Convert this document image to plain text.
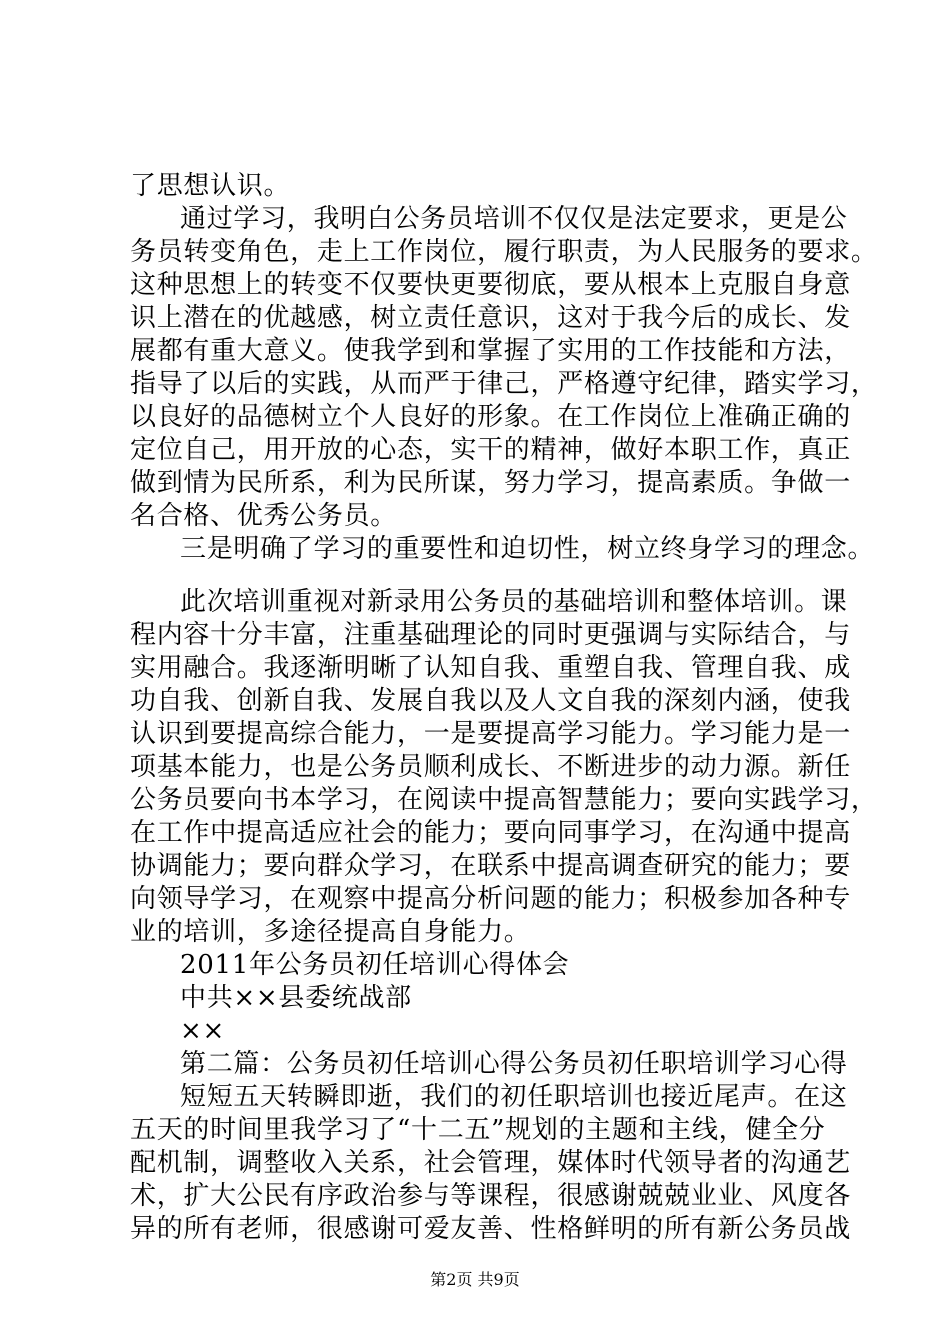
了思想认识。
通过学习，我明白公务员培训不仅仅是法定要求，更是公
务员转变角色，走上工作岗位，履行职责，为人民服务的要求。
这种思想上的转变不仅要快更要彻底，要从根本上克服自身意
识上潜在的优越感，树立责任意识，这对于我今后的成长、发
展都有重大意义。使我学到和掌握了实用的工作技能和方法，
指导了以后的实践，从而严于律己，严格遵守纪律，踏实学习，
以良好的品德树立个人良好的形象。在工作岗位上准确正确的
定位自己，用开放的心态，实干的精神，做好本职工作，真正
做到情为民所系，利为民所谋，努力学习，提高素质。争做一
名合格、优秀公务员。
三是明确了学习的重要性和迫切性，树立终身学习的理念。
此次培训重视对新录用公务员的基础培训和整体培训。课
程内容十分丰富，注重基础理论的同时更强调与实际结合，与
实用融合。我逐渐明晰了认知自我、重塑自我、管理自我、成
功自我、创新自我、发展自我以及人文自我的深刻内涵，使我
认识到要提高综合能力，一是要提高学习能力。学习能力是一
项基本能力，也是公务员顺利成长、不断进步的动力源。新任
公务员要向书本学习，在阅读中提高智慧能力；要向实践学习，
在工作中提高适应社会的能力；要向同事学习，在沟通中提高
协调能力；要向群众学习，在联系中提高调查研究的能力；要
向领导学习，在观察中提高分析问题的能力；积极参加各种专
业的培训，多途径提高自身能力。
2011年公务员初任培训心得体会
中共××县委统战部
××
第二篇：公务员初任培训心得公务员初任职培训学习心得
短短五天转瞬即逝，我们的初任职培训也接近尾声。在这
五天的时间里我学习了“十二五”规划的主题和主线，健全分
配机制，调整收入关系，社会管理，媒体时代领导者的沟通艺
术，扩大公民有序政治参与等课程，很感谢兢兢业业、风度各
异的所有老师，很感谢可爱友善、性格鲜明的所有新公务员战
第2页 共9页
